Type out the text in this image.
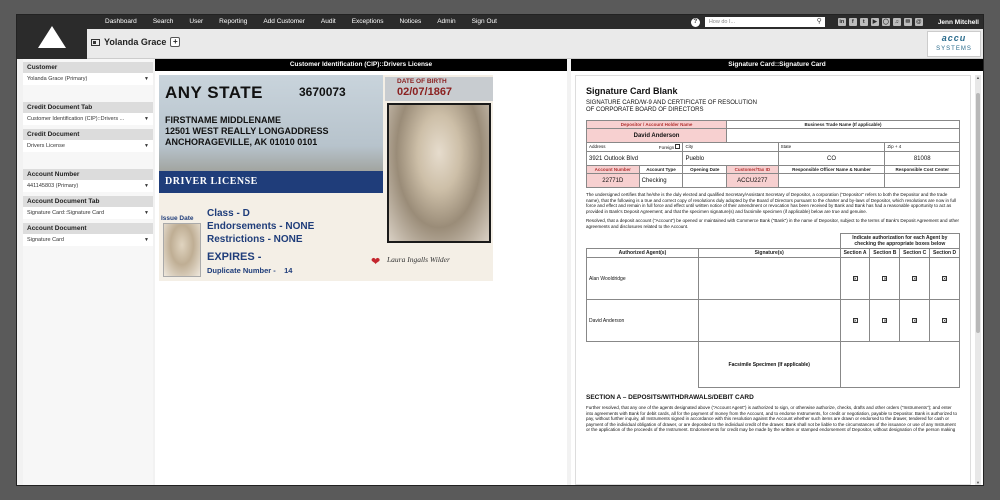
Dashboard	Search	User	Reporting	Add Customer	Audit	Exceptions	Notices	Admin	Sign Out	?	How do I...	⚲	in	f	t	▶	◯	♫	✉	@	Jenn Mitchell
Yolanda Grace +	accu
SYSTEMS
Customer
Yolanda Grace (Primary)	▼
Credit Document Tab
Customer Identification (CIP)::Drivers ...	▼
Credit Document
Drivers License	▼
Account Number
441145803 (Primary)	▼
Account Document Tab
Signature Card::Signature Card	▼
Account Document
Signature Card	▼
Customer Identification (CIP)::Drivers License
ANY STATE	3670073
FIRSTNAME MIDDLENAME
12501 WEST REALLY LONGADDRESS
ANCHORAGEVILLE, AK 01010 0101
DRIVER LICENSE
DATE OF BIRTH
02/07/1867
Issue Date Class - D
Endorsements - NONE
Restrictions - NONE
EXPIRES -
Duplicate Number - 14
❤ Laura Ingalls Wilder
Signature Card::Signature Card
Signature Card Blank
SIGNATURE CARD/W-9 AND CERTIFICATE OF RESOLUTION
OF CORPORATE BOARD OF DIRECTORS
Depositor / Account Holder Name			Business Trade Name (If applicable)		
David Anderson					
Address Foreign		City		State	Zip + 4
3921 Outlook Blvd		Pueblo		CO	81008
Account Number	Account Type	Opening Date	Customer/Tax ID	Responsible Officer Name & Number	Responsible Cost Center
22771D	Checking		ACCU2277		
The undersigned certifies that he/she is the duly elected and qualified Secretary/Assistant Secretary of Depositor, a corporation ("Depositor" refers to both the Depositor and the trade name), that the following is a true and correct copy of resolutions duly adopted by the Board of Directors pursuant to the charter and by-laws of Depositor, which resolutions are now in full force and effect and remain in full force and effect until written notice of their amendment or revocation has been received by Bank and Bank has had a reasonable opportunity to act as provided in Bank's Deposit Agreement; and that the specimen signature(s) and facsimile specimen (if applicable) below are true and genuine.
Resolved, that a deposit account ("Account") be opened or maintained with Commerce Bank ("Bank") in the name of Depositor, subject to the terms of Bank's Deposit Agreement and other agreements and disclosures related to the Account.
		Indicate authorization for each Agent by checking the appropriate boxes below			
Authorized Agent(s)	Signature(s)	Section A	Section B	Section C	Section D
Alan Wooldridge		✕	✕	✕	✕
David Anderson		✕	✕	✕	✕
	Facsimile Specimen (If applicable)				
SECTION A – DEPOSITS/WITHDRAWALS/DEBIT CARD
Further resolved, that any one of the agents designated above ("Account Agent") is authorized to sign, or otherwise authorize, checks, drafts and other orders ("Instruments"); and enter into agreements with Bank for debit cards, all for the payment of money from the Account, and to endorse Instruments, for credit or negotiation, payable to Depositor. Bank is authorized to pay, without further inquiry, all Instruments signed in accordance with this resolution against the Account whether such items are drawn or endorsed to the drawer, tendered for cash or payment of the individual obligation of drawer, or are deposited to the individual credit of the drawer. Bank shall not be liable to the circumstances of the issuance or use of any Instrument or the application of the proceeds of the Instrument. Endorsements for credit may be made by the written or stamped endorsement of Depositor, without designation of the person making
▲
▼
